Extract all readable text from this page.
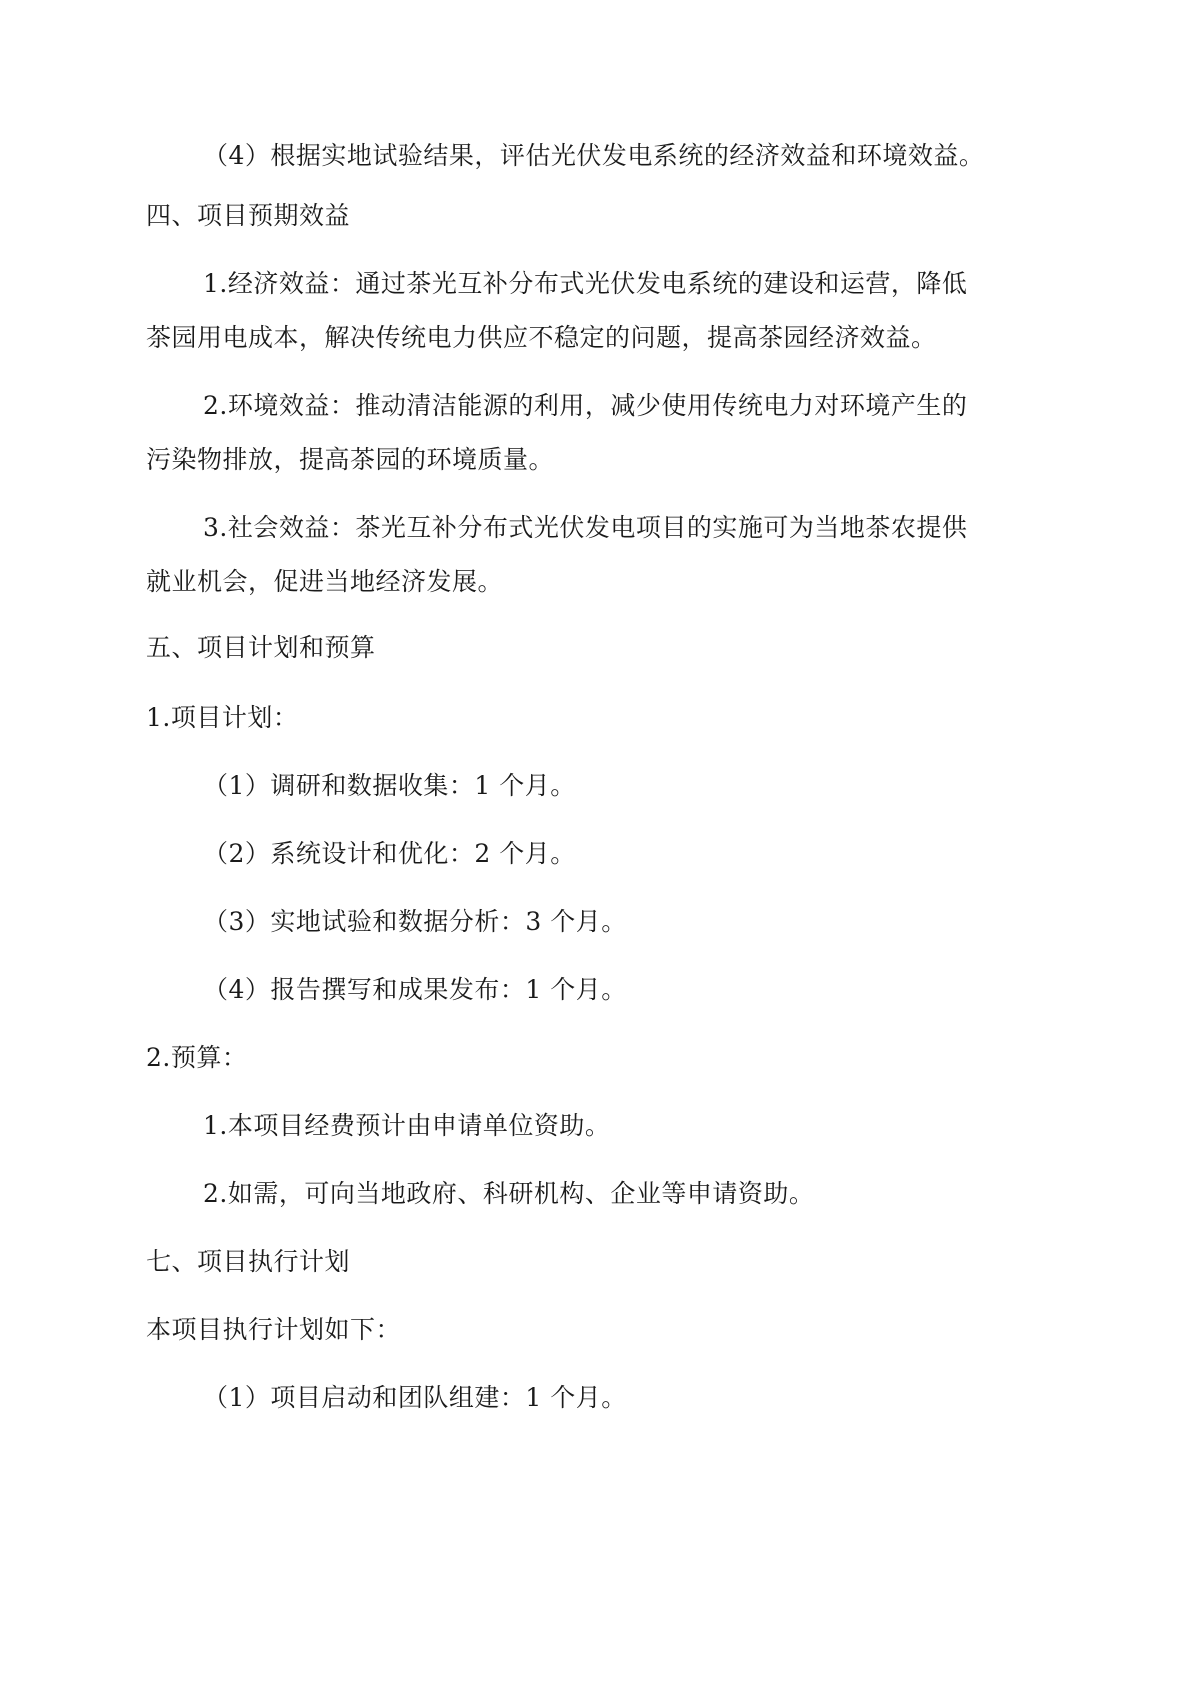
（4）根据实地试验结果，评估光伏发电系统的经济效益和环境效益。

四、项目预期效益

1.经济效益：通过茶光互补分布式光伏发电系统的建设和运营，降低

茶园用电成本，解决传统电力供应不稳定的问题，提高茶园经济效益。

2.环境效益：推动清洁能源的利用，减少使用传统电力对环境产生的

污染物排放，提高茶园的环境质量。

3.社会效益：茶光互补分布式光伏发电项目的实施可为当地茶农提供

就业机会，促进当地经济发展。

五、项目计划和预算

1.项目计划：

（1）调研和数据收集：1 个月。

（2）系统设计和优化：2 个月。

（3）实地试验和数据分析：3 个月。

（4）报告撰写和成果发布：1 个月。

2.预算：

1.本项目经费预计由申请单位资助。

2.如需，可向当地政府、科研机构、企业等申请资助。

七、项目执行计划

本项目执行计划如下：

（1）项目启动和团队组建：1 个月。
